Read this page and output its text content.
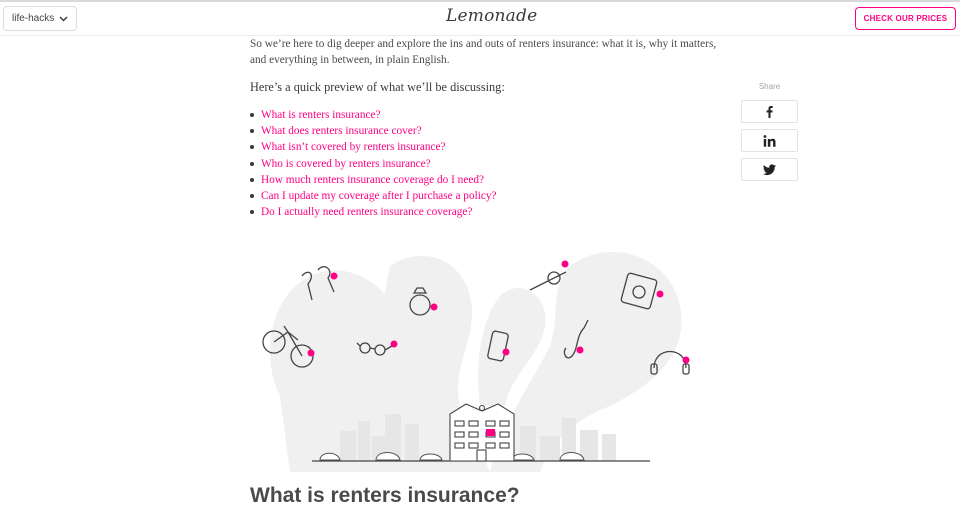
life-hacks	Lemonade	CHECK OUR PRICES

So we’re here to dig deeper and explore the ins and outs of renters insurance: what it is, why it matters, and everything in between, in plain English.

Here’s a quick preview of what we’ll be discussing:
What is renters insurance?
What does renters insurance cover?
What isn’t covered by renters insurance?
Who is covered by renters insurance?
How much renters insurance coverage do I need?
Can I update my coverage after I purchase a policy?
Do I actually need renters insurance coverage?
Share
What is renters insurance?
